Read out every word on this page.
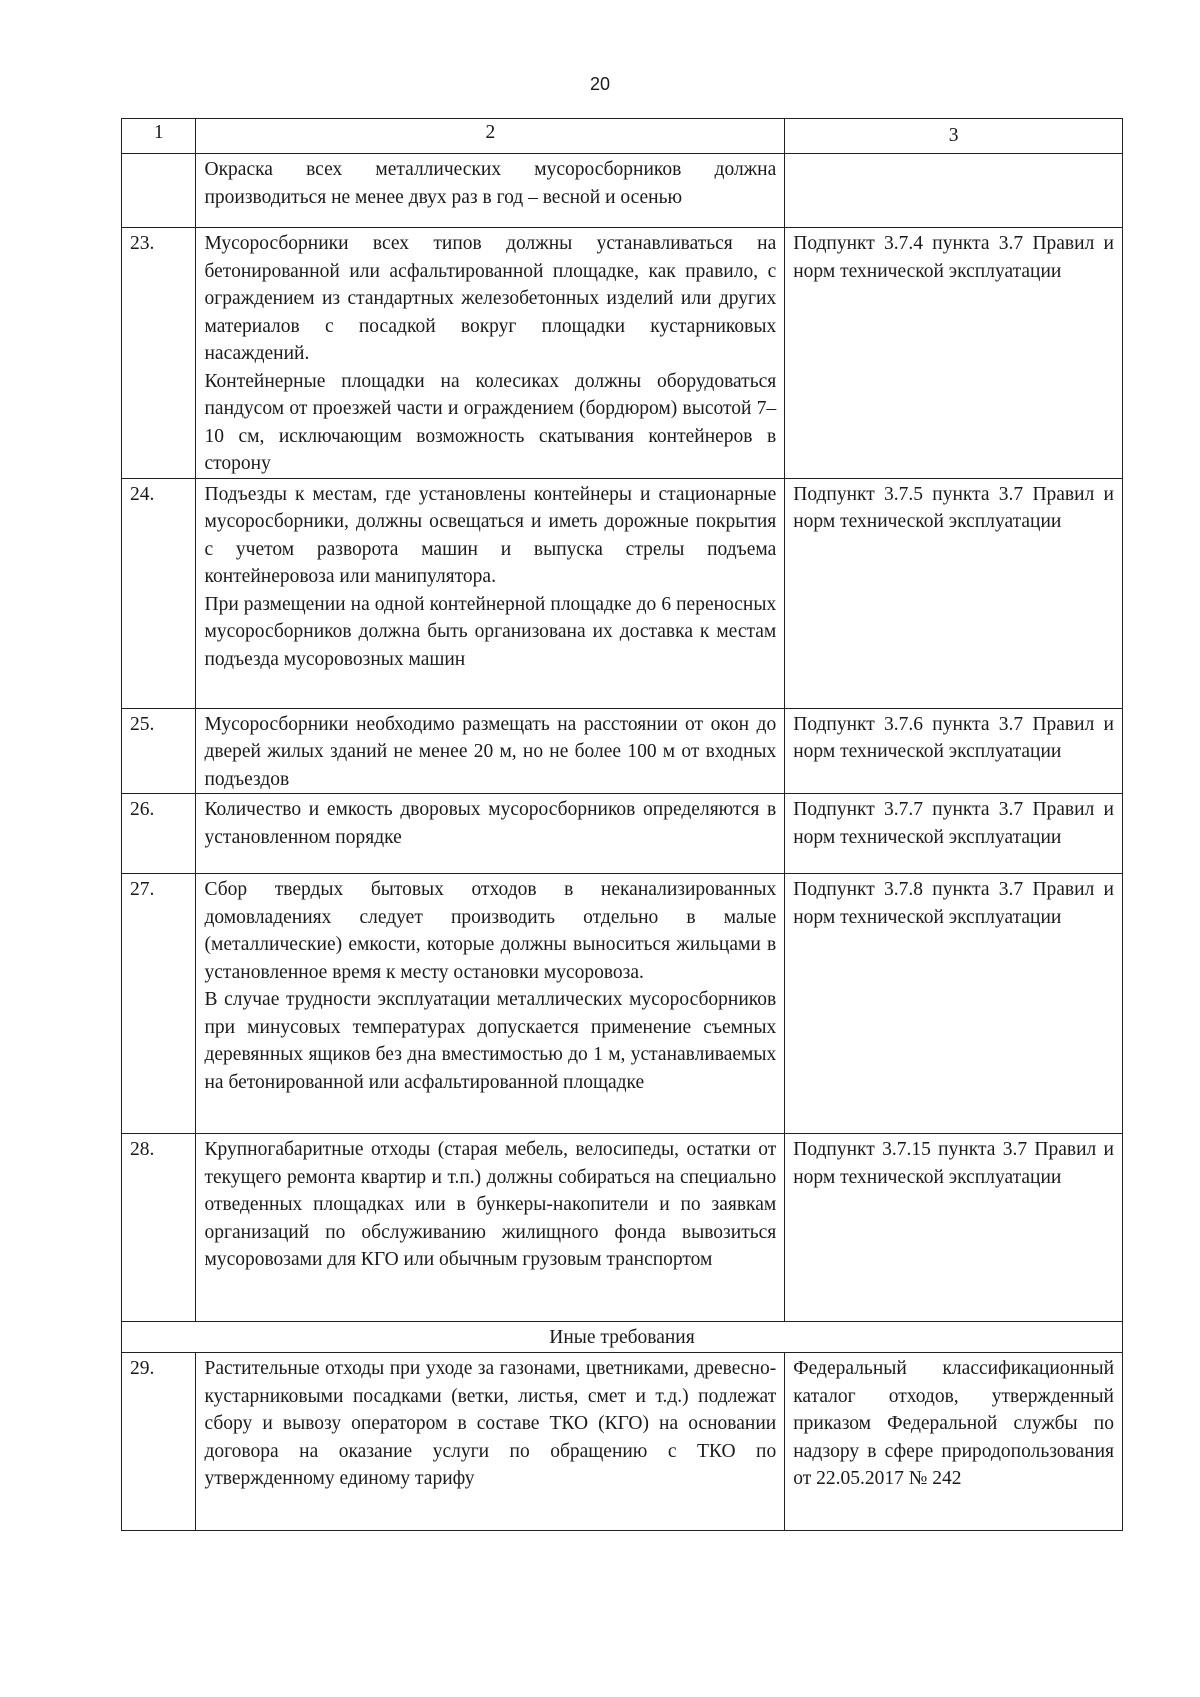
20
1	2	3

	Окраска всех металлических мусоросборников должна производиться не менее двух раз в год – весной и осенью	

23.	Мусоросборники всех типов должны устанавливаться на бетонированной или асфальтированной площадке, как правило, с ограждением из стандартных железобетонных изделий или других материалов с посадкой вокруг площадки кустарниковых насаждений.
Контейнерные площадки на колесиках должны оборудоваться пандусом от проезжей части и ограждением (бордюром) высотой 7–10 см, исключающим возможность скатывания контейнеров в сторону	Подпункт 3.7.4 пункта 3.7 Правил и норм технической эксплуатации
24.	Подъезды к местам, где установлены контейнеры и стационарные мусоросборники, должны освещаться и иметь дорожные покрытия с учетом разворота машин и выпуска стрелы подъема контейнеровоза или манипулятора.
При размещении на одной контейнерной площадке до 6 переносных мусоросборников должна быть организована их доставка к местам подъезда мусоровозных машин	Подпункт 3.7.5 пункта 3.7 Правил и норм технической эксплуатации
25.	Мусоросборники необходимо размещать на расстоянии от окон до дверей жилых зданий не менее 20 м, но не более 100 м от входных подъездов	Подпункт 3.7.6 пункта 3.7 Правил и норм технической эксплуатации
26.	Количество и емкость дворовых мусоросборников определяются в установленном порядке	Подпункт 3.7.7 пункта 3.7 Правил и норм технической эксплуатации
27.	Сбор твердых бытовых отходов в неканализированных домовладениях следует производить отдельно в малые (металлические) емкости, которые должны выноситься жильцами в установленное время к месту остановки мусоровоза.
В случае трудности эксплуатации металлических мусоросборников при минусовых температурах допускается применение съемных деревянных ящиков без дна вместимостью до 1 м, устанавливаемых на бетонированной или асфальтированной площадке	Подпункт 3.7.8 пункта 3.7 Правил и норм технической эксплуатации
28.	Крупногабаритные отходы (старая мебель, велосипеды, остатки от текущего ремонта квартир и т.п.) должны собираться на специально отведенных площадках или в бункеры-накопители и по заявкам организаций по обслуживанию жилищного фонда вывозиться мусоровозами для КГО или обычным грузовым транспортом	Подпункт 3.7.15 пункта 3.7 Правил и норм технической эксплуатации
Иные требования		
29.	Растительные отходы при уходе за газонами, цветниками, древесно-кустарниковыми посадками (ветки, листья, смет и т.д.) подлежат сбору и вывозу оператором в составе ТКО (КГО) на основании договора на оказание услуги по обращению с ТКО по утвержденному единому тарифу	Федеральный классификационный каталог отходов, утвержденный приказом Федеральной службы по надзору в сфере природопользования от 22.05.2017 № 242
